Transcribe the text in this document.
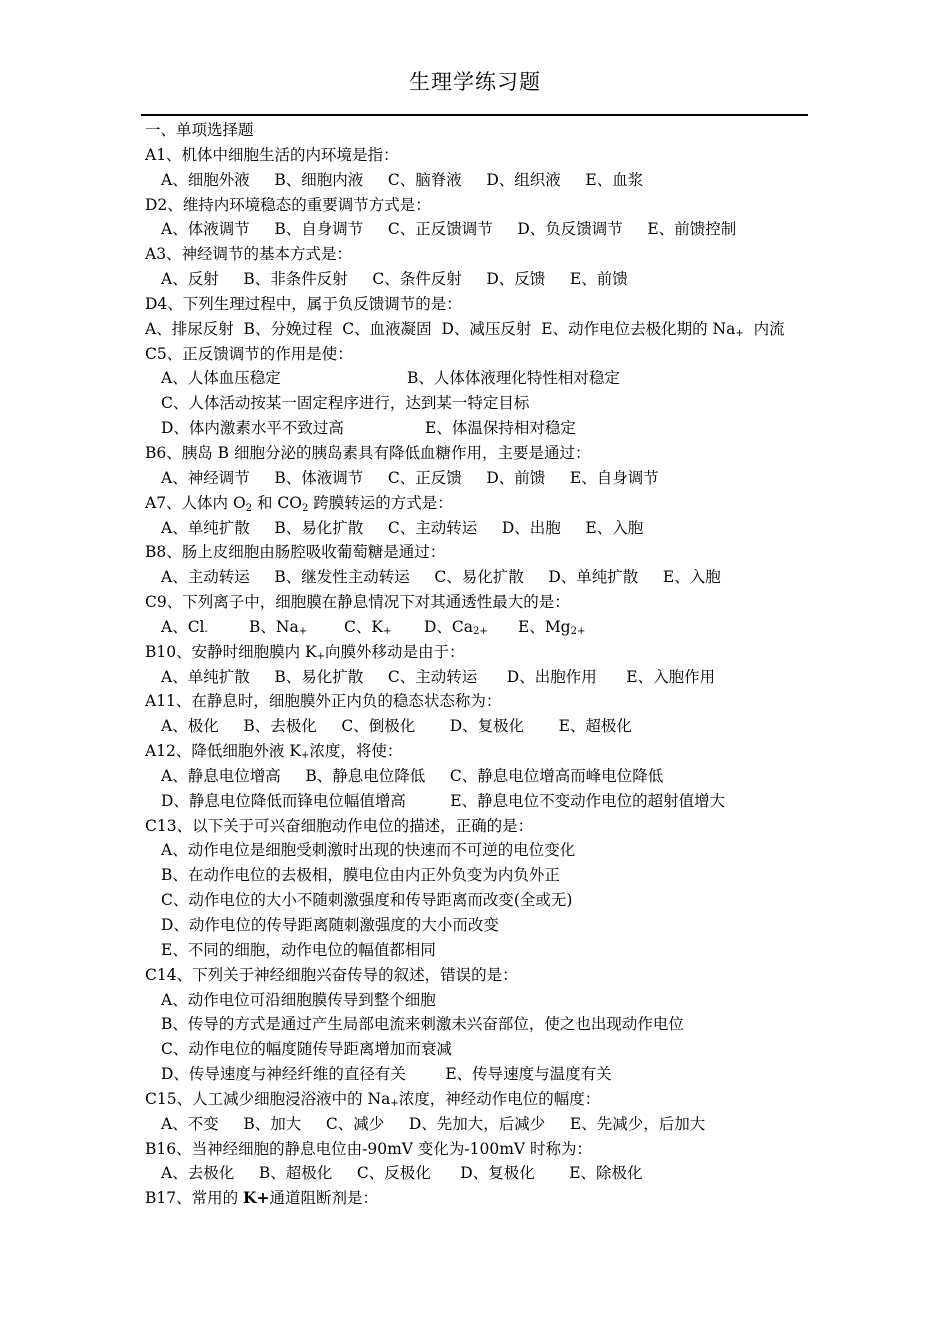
生理学练习题
一、单项选择题
A1、机体中细胞生活的内环境是指：
A、细胞外液     B、细胞内液     C、脑脊液     D、组织液     E、血浆
D2、维持内环境稳态的重要调节方式是：
A、体液调节     B、自身调节     C、正反馈调节     D、负反馈调节     E、前馈控制
A3、神经调节的基本方式是：
A、反射     B、非条件反射     C、条件反射     D、反馈     E、前馈
D4、下列生理过程中，属于负反馈调节的是：
A、排尿反射  B、分娩过程  C、血液凝固  D、减压反射  E、动作电位去极化期的 $Na_+$  内流
C5、正反馈调节的作用是使：
A、人体血压稳定	B、人体体液理化特性相对稳定
C、人体活动按某一固定程序进行，达到某一特定目标
D、体内激素水平不致过高	E、体温保持相对稳定
B6、胰岛 B 细胞分泌的胰岛素具有降低血糖作用，主要是通过：
A、神经调节     B、体液调节     C、正反馈     D、前馈     E、自身调节
A7、人体内 $O_2$ 和 $CO_2$ 跨膜转运的方式是：
A、单纯扩散     B、易化扩散     C、主动转运     D、出胞     E、入胞
B8、肠上皮细胞由肠腔吸收葡萄糖是通过：
A、主动转运     B、继发性主动转运     C、易化扩散     D、单纯扩散     E、入胞
C9、下列离子中，细胞膜在静息情况下对其通透性最大的是：
A、$Cl_-$	B、$Na_+$ C、$K_+$ D、$Ca_{2+}$ E、$Mg_{2+}$
B10、安静时细胞膜内 $K_+$向膜外移动是由于：
A、单纯扩散     B、易化扩散     C、主动转运      D、出胞作用      E、入胞作用
A11、在静息时，细胞膜外正内负的稳态状态称为：
A、极化     B、去极化     C、倒极化       D、复极化       E、超极化
A12、降低细胞外液 $K_+$浓度，将使：
A、静息电位增高     B、静息电位降低     C、静息电位增高而峰电位降低
D、静息电位降低而锋电位幅值增高         E、静息电位不变动作电位的超射值增大
C13、以下关于可兴奋细胞动作电位的描述，正确的是：
A、动作电位是细胞受刺激时出现的快速而不可逆的电位变化
B、在动作电位的去极相，膜电位由内正外负变为内负外正
C、动作电位的大小不随刺激强度和传导距离而改变(全或无)
D、动作电位的传导距离随刺激强度的大小而改变
E、不同的细胞，动作电位的幅值都相同
C14、下列关于神经细胞兴奋传导的叙述，错误的是：
A、动作电位可沿细胞膜传导到整个细胞
B、传导的方式是通过产生局部电流来刺激未兴奋部位，使之也出现动作电位
C、动作电位的幅度随传导距离增加而衰减
D、传导速度与神经纤维的直径有关        E、传导速度与温度有关
C15、人工减少细胞浸浴液中的 $Na_+$浓度，神经动作电位的幅度：
A、不变     B、加大     C、减少     D、先加大，后减少     E、先减少，后加大
B16、当神经细胞的静息电位由-90mV 变化为-100mV 时称为：
A、去极化     B、超极化     C、反极化      D、复极化       E、除极化
B17、常用的 K+通道阻断剂是：
